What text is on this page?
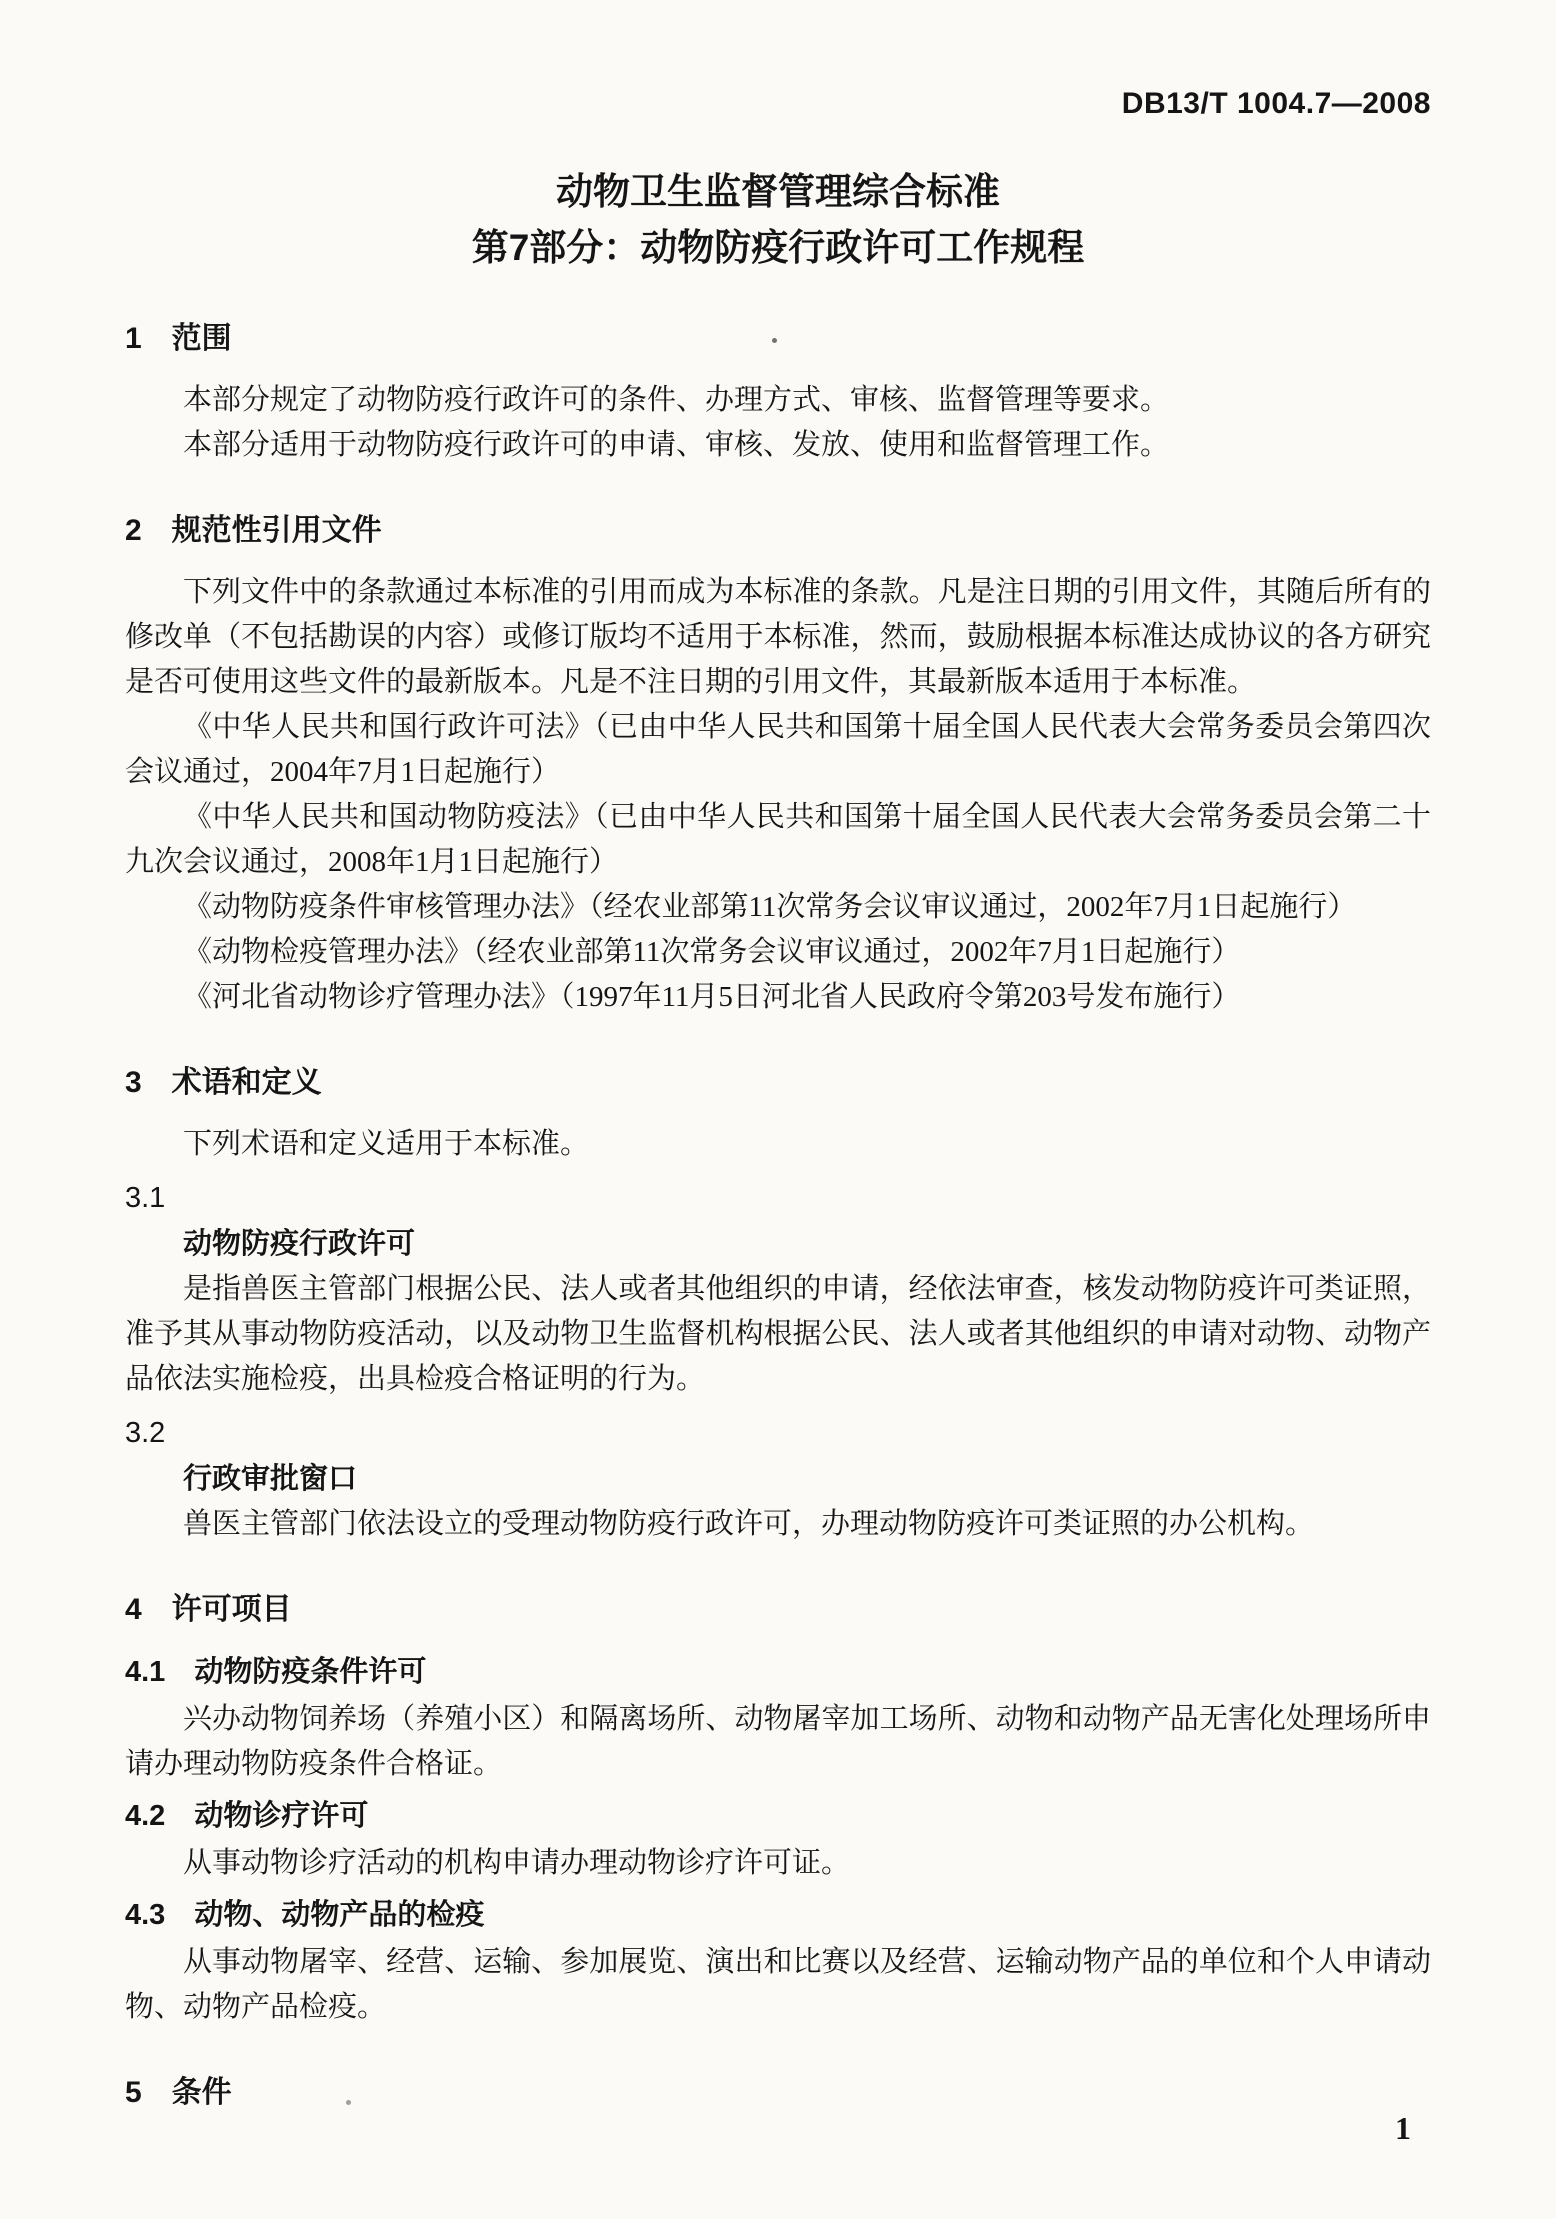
DB13/T 1004.7—2008
动物卫生监督管理综合标准
第7部分：动物防疫行政许可工作规程
1　范围

本部分规定了动物防疫行政许可的条件、办理方式、审核、监督管理等要求。

本部分适用于动物防疫行政许可的申请、审核、发放、使用和监督管理工作。

2　规范性引用文件

下列文件中的条款通过本标准的引用而成为本标准的条款。凡是注日期的引用文件，其随后所有的修改单（不包括勘误的内容）或修订版均不适用于本标准，然而，鼓励根据本标准达成协议的各方研究是否可使用这些文件的最新版本。凡是不注日期的引用文件，其最新版本适用于本标准。

《中华人民共和国行政许可法》（已由中华人民共和国第十届全国人民代表大会常务委员会第四次会议通过，2004年7月1日起施行）

《中华人民共和国动物防疫法》（已由中华人民共和国第十届全国人民代表大会常务委员会第二十九次会议通过，2008年1月1日起施行）

《动物防疫条件审核管理办法》（经农业部第11次常务会议审议通过，2002年7月1日起施行）

《动物检疫管理办法》（经农业部第11次常务会议审议通过，2002年7月1日起施行）

《河北省动物诊疗管理办法》（1997年11月5日河北省人民政府令第203号发布施行）

3　术语和定义

下列术语和定义适用于本标准。

3.1
动物防疫行政许可

是指兽医主管部门根据公民、法人或者其他组织的申请，经依法审查，核发动物防疫许可类证照，准予其从事动物防疫活动，以及动物卫生监督机构根据公民、法人或者其他组织的申请对动物、动物产品依法实施检疫，出具检疫合格证明的行为。

3.2
行政审批窗口

兽医主管部门依法设立的受理动物防疫行政许可，办理动物防疫许可类证照的办公机构。

4　许可项目
4.1　动物防疫条件许可

兴办动物饲养场（养殖小区）和隔离场所、动物屠宰加工场所、动物和动物产品无害化处理场所申请办理动物防疫条件合格证。

4.2　动物诊疗许可

从事动物诊疗活动的机构申请办理动物诊疗许可证。

4.3　动物、动物产品的检疫

从事动物屠宰、经营、运输、参加展览、演出和比赛以及经营、运输动物产品的单位和个人申请动物、动物产品检疫。

5　条件
1
